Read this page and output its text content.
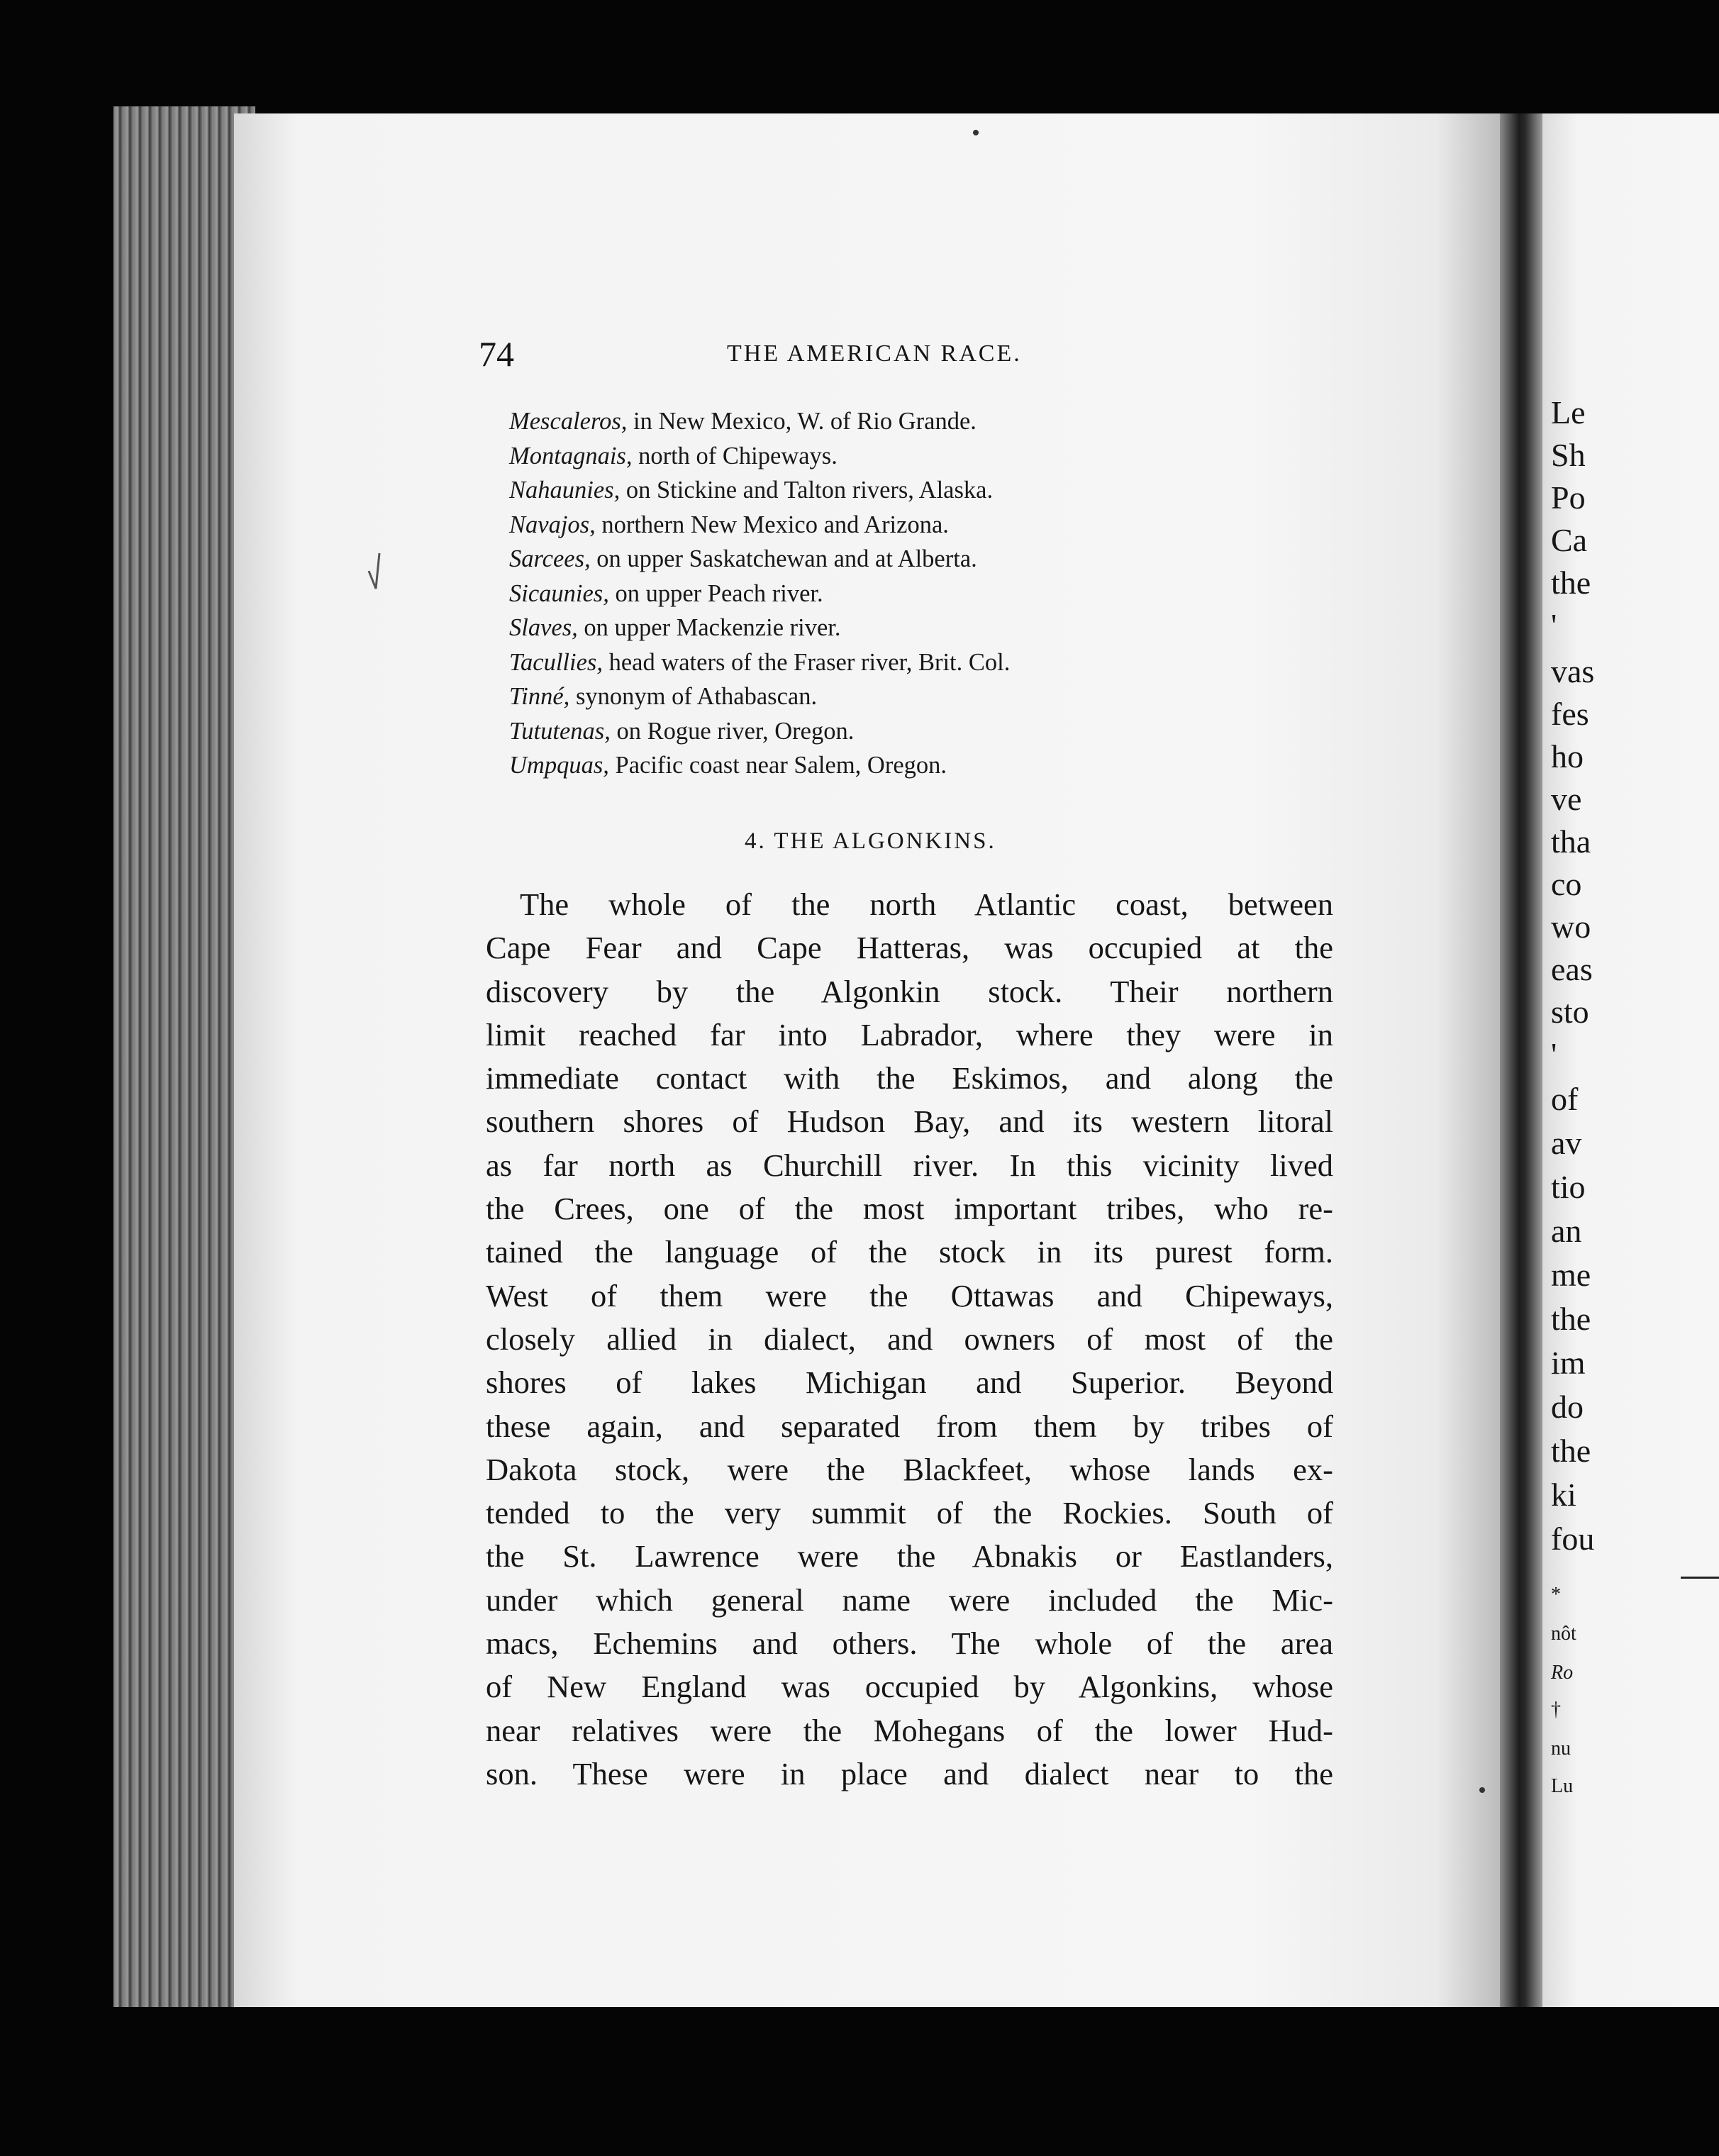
74	THE AMERICAN RACE.
Mescaleros, in New Mexico, W. of Rio Grande.
Montagnais, north of Chipeways.
Nahaunies, on Stickine and Talton rivers, Alaska.
Navajos, northern New Mexico and Arizona.
Sarcees, on upper Saskatchewan and at Alberta.
Sicaunies, on upper Peach river.
Slaves, on upper Mackenzie river.
Tacullies, head waters of the Fraser river, Brit. Col.
Tinné, synonym of Athabascan.
Tututenas, on Rogue river, Oregon.
Umpquas, Pacific coast near Salem, Oregon.
4. THE ALGONKINS.
The whole of the north Atlantic coast, between
Cape Fear and Cape Hatteras, was occupied at the
discovery by the Algonkin stock. Their northern
limit reached far into Labrador, where they were in
immediate contact with the Eskimos, and along the
southern shores of Hudson Bay, and its western litoral
as far north as Churchill river. In this vicinity lived
the Crees, one of the most important tribes, who re-
tained the language of the stock in its purest form.
West of them were the Ottawas and Chipeways,
closely allied in dialect, and owners of most of the
shores of lakes Michigan and Superior. Beyond
these again, and separated from them by tribes of
Dakota stock, were the Blackfeet, whose lands ex-
tended to the very summit of the Rockies. South of
the St. Lawrence were the Abnakis or Eastlanders,
under which general name were included the Mic-
macs, Echemins and others. The whole of the area
of New England was occupied by Algonkins, whose
near relatives were the Mohegans of the lower Hud-
son. These were in place and dialect near to the
Le
Sh
Po
Ca
the
'
vas
fes
ho
ve
tha
co
wo
eas
sto
'
of
av
tio
an
me
the
im
do
the
ki
fou
*
nôt
Ro
†
nu
Lu
